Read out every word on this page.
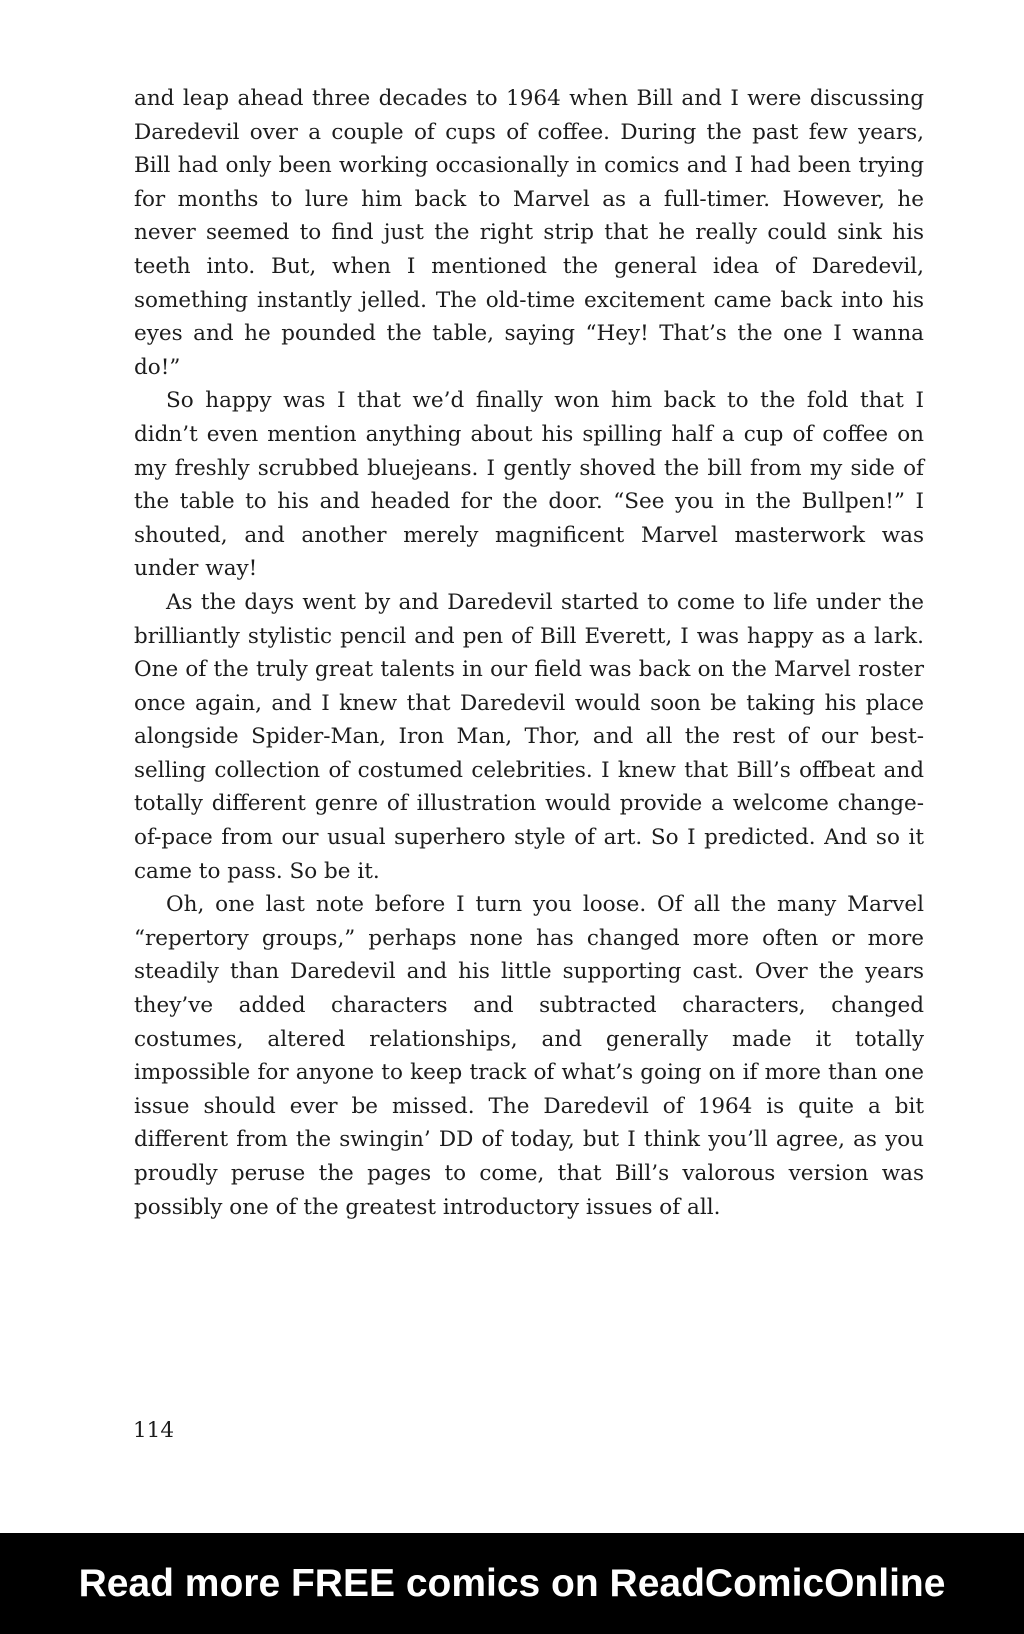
and leap ahead three decades to 1964 when Bill and I were discussing Daredevil over a couple of cups of coffee. During the past few years, Bill had only been working occasionally in comics and I had been trying for months to lure him back to Marvel as a full-timer. However, he never seemed to find just the right strip that he really could sink his teeth into. But, when I mentioned the general idea of Daredevil, something instantly jelled. The old-time excitement came back into his eyes and he pounded the table, saying “Hey! That’s the one I wanna do!”

So happy was I that we’d finally won him back to the fold that I didn’t even mention anything about his spilling half a cup of coffee on my freshly scrubbed bluejeans. I gently shoved the bill from my side of the table to his and headed for the door. “See you in the Bullpen!” I shouted, and another merely magnificent Marvel masterwork was under way!

As the days went by and Daredevil started to come to life under the brilliantly stylistic pencil and pen of Bill Everett, I was happy as a lark. One of the truly great talents in our field was back on the Marvel roster once again, and I knew that Daredevil would soon be taking his place alongside Spider-Man, Iron Man, Thor, and all the rest of our best-selling collection of costumed celebrities. I knew that Bill’s offbeat and totally different genre of illustration would provide a welcome change-of-pace from our usual superhero style of art. So I predicted. And so it came to pass. So be it.

Oh, one last note before I turn you loose. Of all the many Marvel “repertory groups,” perhaps none has changed more often or more steadily than Daredevil and his little supporting cast. Over the years they’ve added characters and subtracted characters, changed costumes, altered relationships, and generally made it totally impossible for anyone to keep track of what’s going on if more than one issue should ever be missed. The Daredevil of 1964 is quite a bit different from the swingin’ DD of today, but I think you’ll agree, as you proudly peruse the pages to come, that Bill’s valorous version was possibly one of the greatest introductory issues of all.

114
Read more FREE comics on ReadComicOnline
